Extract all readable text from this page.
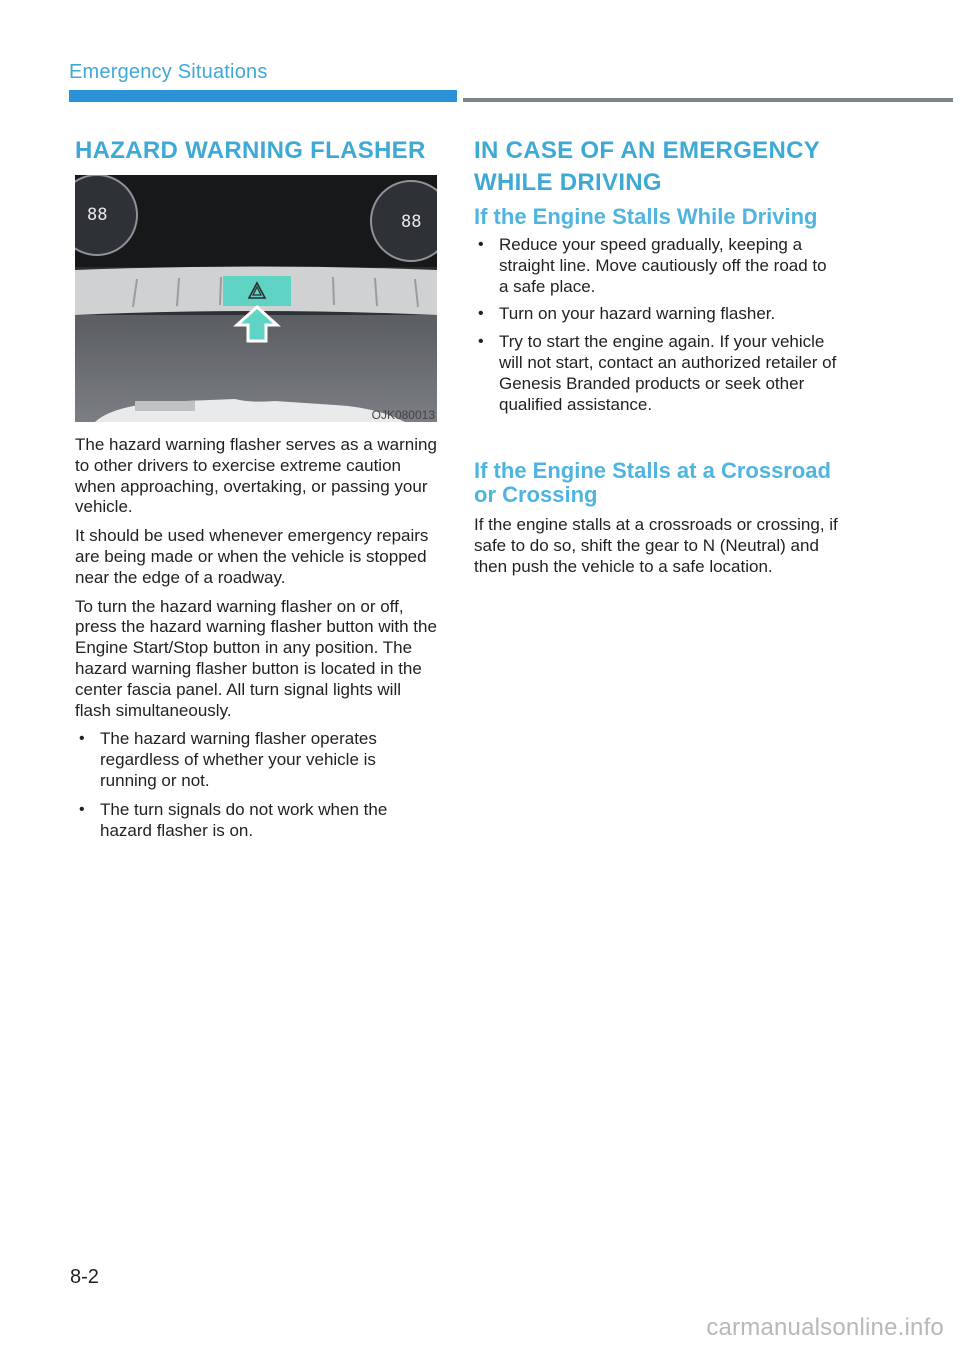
Emergency Situations
HAZARD WARNING FLASHER
88	88
OJK080013

The hazard warning flasher serves as a warning to other drivers to exercise extreme caution when approaching, overtaking, or passing your vehicle.

It should be used whenever emergency repairs are being made or when the vehicle is stopped near the edge of a roadway.

To turn the hazard warning flasher on or off, press the hazard warning flasher button with the Engine Start/Stop button in any position. The hazard warning flasher button is located in the center fascia panel. All turn signal lights will flash simultaneously.

• The hazard warning flasher operates regardless of whether your vehicle is running or not.
• The turn signals do not work when the hazard flasher is on.
IN CASE OF AN EMERGENCY
WHILE DRIVING
If the Engine Stalls While Driving
• Reduce your speed gradually, keeping a straight line. Move cautiously off the road to a safe place.
• Turn on your hazard warning flasher.
• Try to start the engine again. If your vehicle will not start, contact an authorized retailer of Genesis Branded products or seek other qualified assistance.
If the Engine Stalls at a Crossroad
or Crossing

If the engine stalls at a crossroads or crossing, if safe to do so, shift the gear to N (Neutral) and then push the vehicle to a safe location.

8-2
carmanualsonline.info
